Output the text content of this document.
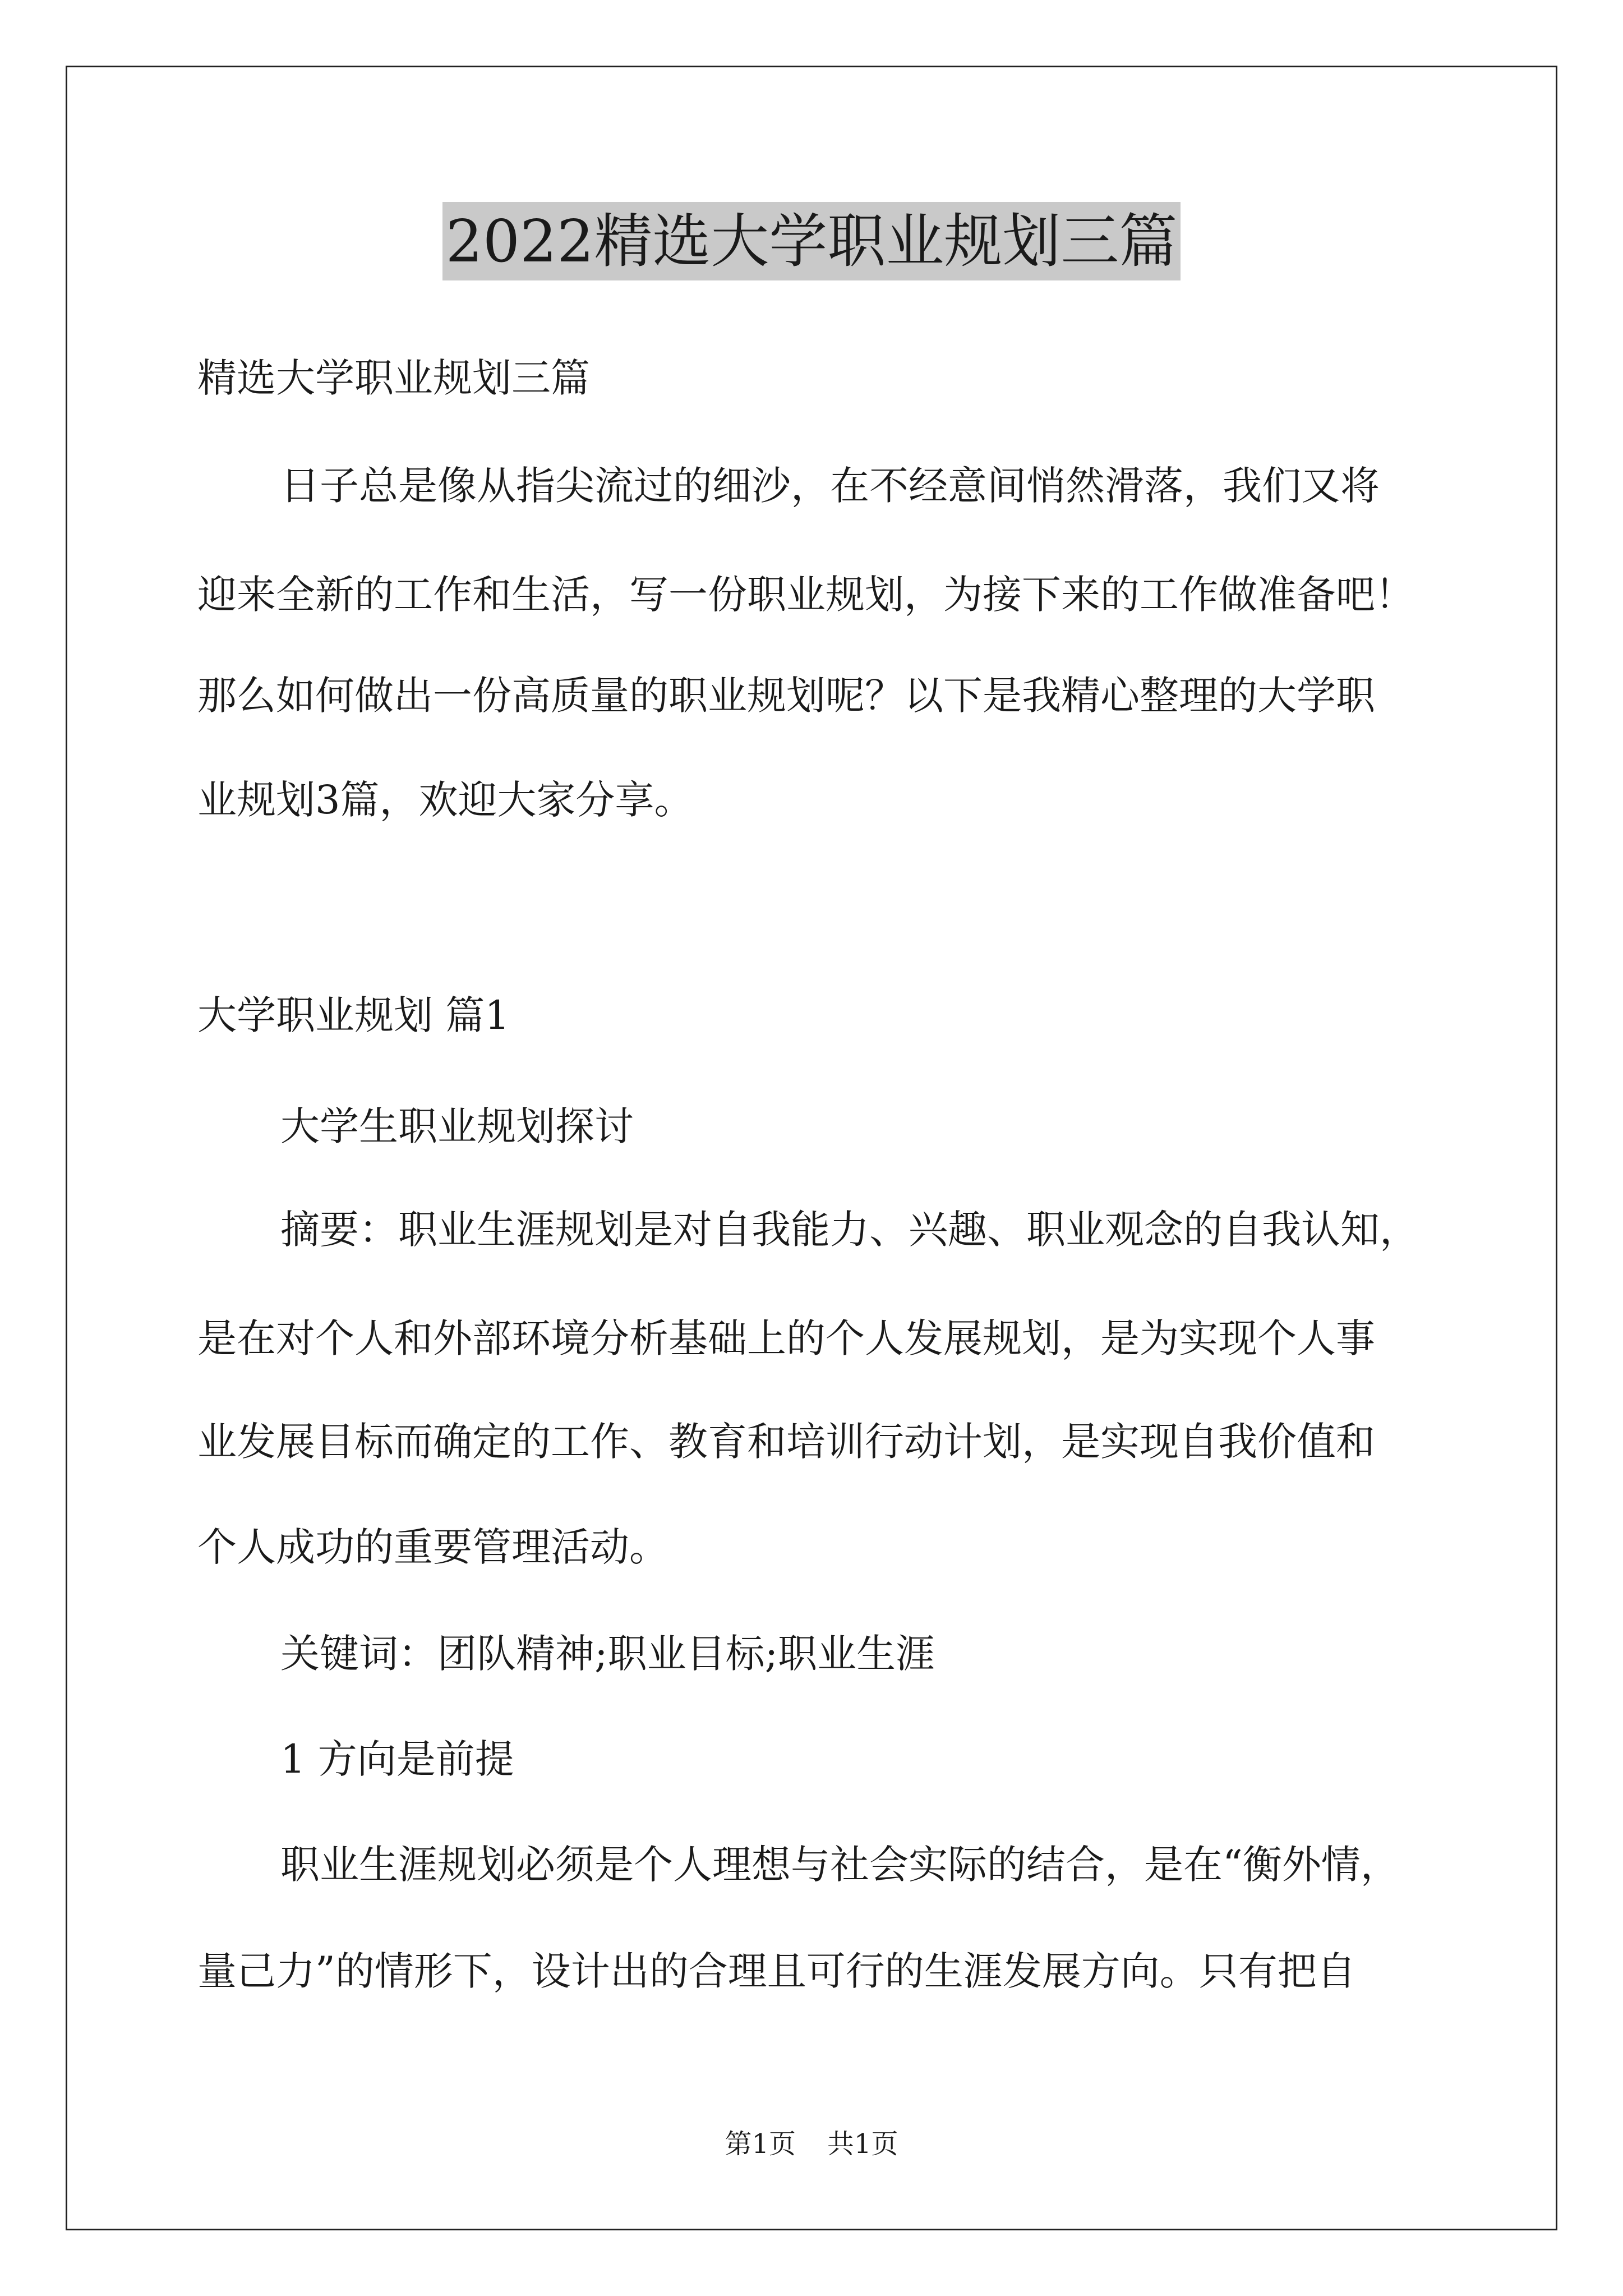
2022精选大学职业规划三篇
精选大学职业规划三篇
日子总是像从指尖流过的细沙，在不经意间悄然滑落，我们又将
迎来全新的工作和生活，写一份职业规划，为接下来的工作做准备吧！
那么如何做出一份高质量的职业规划呢？以下是我精心整理的大学职
业规划3篇，欢迎大家分享。
大学职业规划 篇1
大学生职业规划探讨
摘要：职业生涯规划是对自我能力、兴趣、职业观念的自我认知，
是在对个人和外部环境分析基础上的个人发展规划，是为实现个人事
业发展目标而确定的工作、教育和培训行动计划，是实现自我价值和
个人成功的重要管理活动。
关键词：团队精神;职业目标;职业生涯
1 方向是前提
职业生涯规划必须是个人理想与社会实际的结合，是在“衡外情，
量己力”的情形下，设计出的合理且可行的生涯发展方向。只有把自
第1页 共1页
